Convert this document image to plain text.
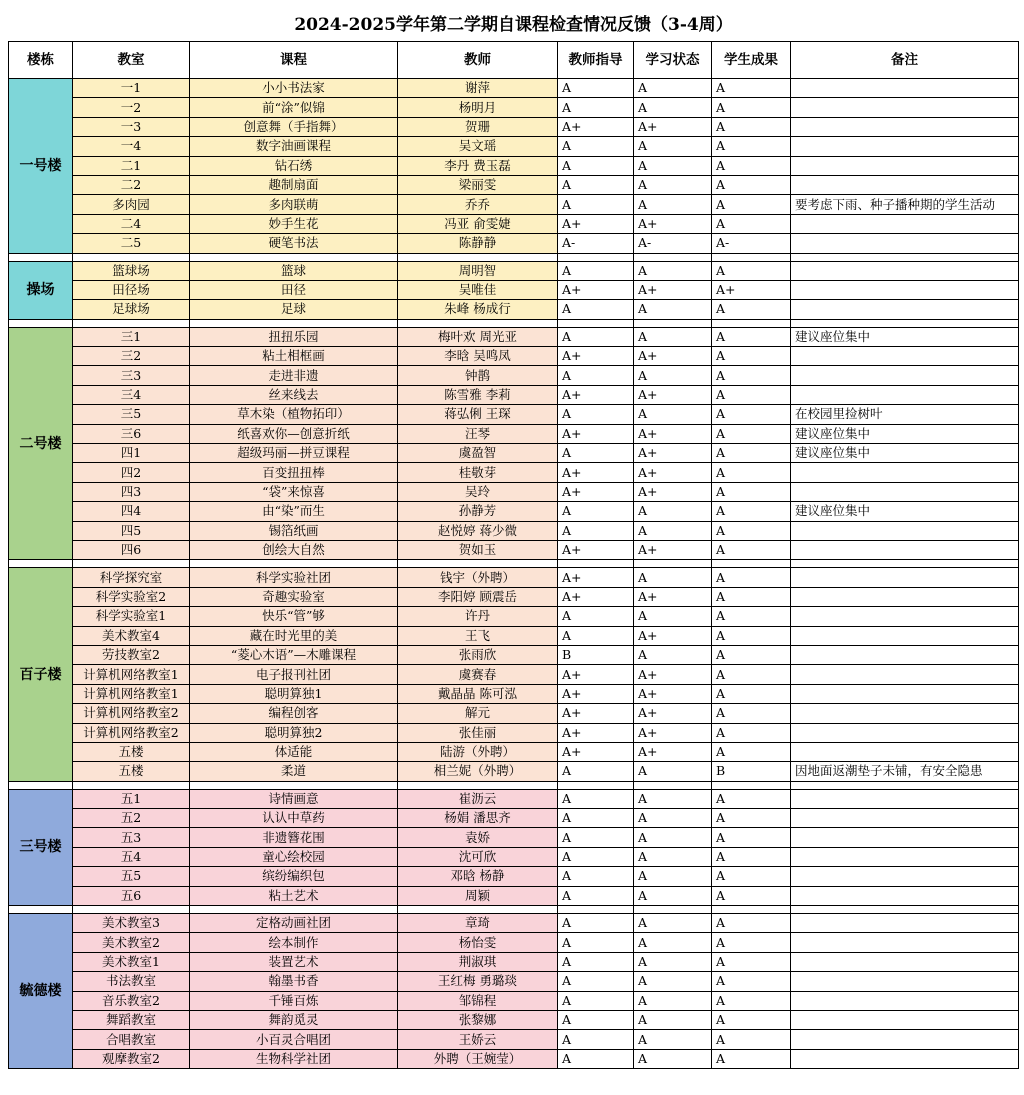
2024-2025学年第二学期自课程检查情况反馈（3-4周）							
楼栋	教室	课程	教师	教师指导	学习状态	学生成果	备注
一号楼	一1	小小书法家	谢萍	A	A	A	
	一2	前“涂”似锦	杨明月	A	A	A	
	一3	创意舞（手指舞）	贺珊	A+	A+	A	
	一4	数字油画课程	吴文瑶	A	A	A	
	二1	钻石绣	李丹 费玉磊	A	A	A	
	二2	趣制扇面	梁丽雯	A	A	A	
	多肉园	多肉联萌	乔乔	A	A	A	要考虑下雨、种子播种期的学生活动
	二4	妙手生花	冯亚 俞雯婕	A+	A+	A	
	二5	硬笔书法	陈静静	A-	A-	A-	

操场	篮球场	篮球	周明智	A	A	A	
	田径场	田径	吴唯佳	A+	A+	A+	
	足球场	足球	朱峰 杨成行	A	A	A	

二号楼	三1	扭扭乐园	梅叶欢 周光亚	A	A	A	建议座位集中
	三2	粘土相框画	李晗 吴鸣凤	A+	A+	A	
	三3	走进非遗	钟鹊	A	A	A	
	三4	丝来线去	陈雪雅 李莉	A+	A+	A	
	三5	草木染（植物拓印）	蒋弘俐 王琛	A	A	A	在校园里捡树叶
	三6	纸喜欢你—创意折纸	汪琴	A+	A+	A	建议座位集中
	四1	超级玛丽—拼豆课程	虞盈智	A	A+	A	建议座位集中
	四2	百变扭扭棒	桂敬芽	A+	A+	A	
	四3	“袋”来惊喜	吴玲	A+	A+	A	
	四4	由“染”而生	孙静芳	A	A	A	建议座位集中
	四5	锡箔纸画	赵悦婷 蒋少微	A	A	A	
	四6	创绘大自然	贺如玉	A+	A+	A	

百子楼	科学探究室	科学实验社团	钱宇（外聘）	A+	A	A	
	科学实验室2	奇趣实验室	李阳婷 顾震岳	A+	A+	A	
	科学实验室1	快乐“管”够	许丹	A	A	A	
	美术教室4	藏在时光里的美	王飞	A	A+	A	
	劳技教室2	“菱心木语”—木雕课程	张雨欣	B	A	A	
	计算机网络教室1	电子报刊社团	虞赛春	A+	A+	A	
	计算机网络教室1	聪明算独1	戴晶晶 陈可泓	A+	A+	A	
	计算机网络教室2	编程创客	解元	A+	A+	A	
	计算机网络教室2	聪明算独2	张佳丽	A+	A+	A	
	五楼	体适能	陆游（外聘）	A+	A+	A	
	五楼	柔道	相兰妮（外聘）	A	A	B	因地面返潮垫子未铺，有安全隐患

三号楼	五1	诗情画意	崔沥云	A	A	A	
	五2	认认中草药	杨娟 潘思齐	A	A	A	
	五3	非遗簪花围	袁娇	A	A	A	
	五4	童心绘校园	沈可欣	A	A	A	
	五5	缤纷编织包	邓晗 杨静	A	A	A	
	五6	粘土艺术	周颖	A	A	A	

毓德楼	美术教室3	定格动画社团	章琦	A	A	A	
	美术教室2	绘本制作	杨怡雯	A	A	A	
	美术教室1	装置艺术	荆淑琪	A	A	A	
	书法教室	翰墨书香	王红梅 勇璐琰	A	A	A	
	音乐教室2	千锤百炼	邹锦程	A	A	A	
	舞蹈教室	舞韵觅灵	张黎娜	A	A	A	
	合唱教室	小百灵合唱团	王娇云	A	A	A	
	观摩教室2	生物科学社团	外聘（王婉莹）	A	A	A	
